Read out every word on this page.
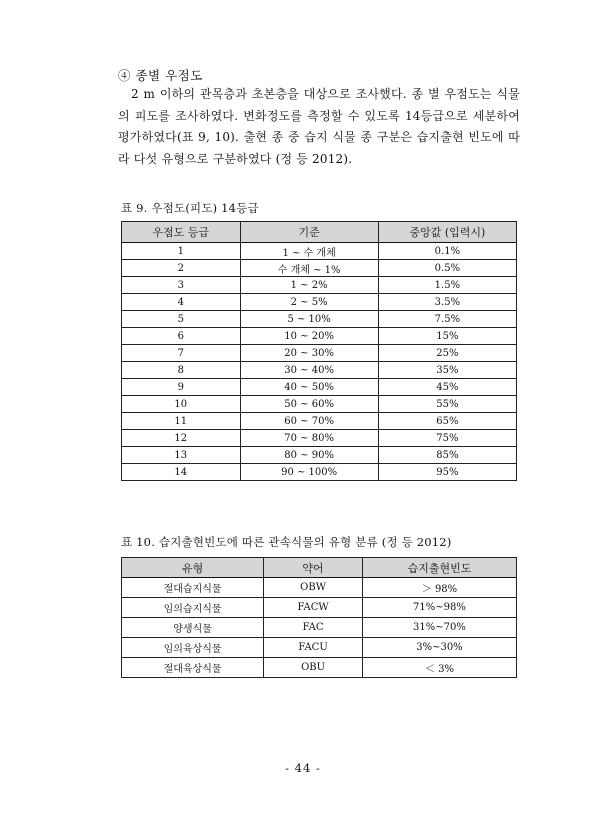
④ 종별 우점도

2 m 이하의 관목층과 초본층을 대상으로 조사했다. 종 별 우점도는 식물의 피도를 조사하였다. 변화정도를 측정할 수 있도록 14등급으로 세분하여 평가하였다(표 9, 10). 출현 종 중 습지 식물 종 구분은 습지출현 빈도에 따라 다섯 유형으로 구분하였다 (정 등 2012).

표 9. 우점도(피도) 14등급
우점도 등급	기준	중앙값 (입력시)
1	1 ~ 수 개체	0.1%
2	수 개체 ~ 1%	0.5%
3	1 ~ 2%	1.5%
4	2 ~ 5%	3.5%
5	5 ~ 10%	7.5%
6	10 ~ 20%	15%
7	20 ~ 30%	25%
8	30 ~ 40%	35%
9	40 ~ 50%	45%
10	50 ~ 60%	55%
11	60 ~ 70%	65%
12	70 ~ 80%	75%
13	80 ~ 90%	85%
14	90 ~ 100%	95%
표 10. 습지출현빈도에 따른 관속식물의 유형 분류 (정 등 2012)
유형	약어	습지출현빈도
절대습지식물	OBW	＞ 98%
임의습지식물	FACW	71%~98%
양생식물	FAC	31%~70%
임의육상식물	FACU	3%~30%
절대육상식물	OBU	＜ 3%
- 44 -
